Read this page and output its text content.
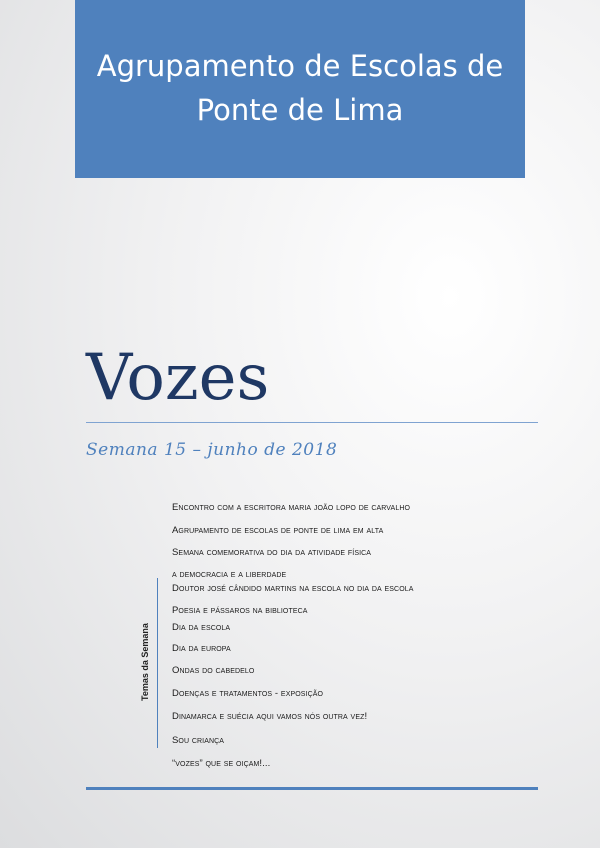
Agrupamento de Escolas de
Ponte de Lima
Vozes
Semana 15 – junho de 2018
Temas da Semana
Encontro com a escritora maria joão lopo de carvalho
Agrupamento de escolas de ponte de lima em alta
Semana comemorativa do dia da atividade física
a democracia e a liberdade
Doutor josé cândido martins na escola no dia da escola
Poesia e pássaros na biblioteca
Dia da escola
Dia da europa
Ondas do cabedelo
Doenças e tratamentos - exposição
Dinamarca e suécia aqui vamos nós outra vez!
Sou criança
“vozes” que se oiçam!...
